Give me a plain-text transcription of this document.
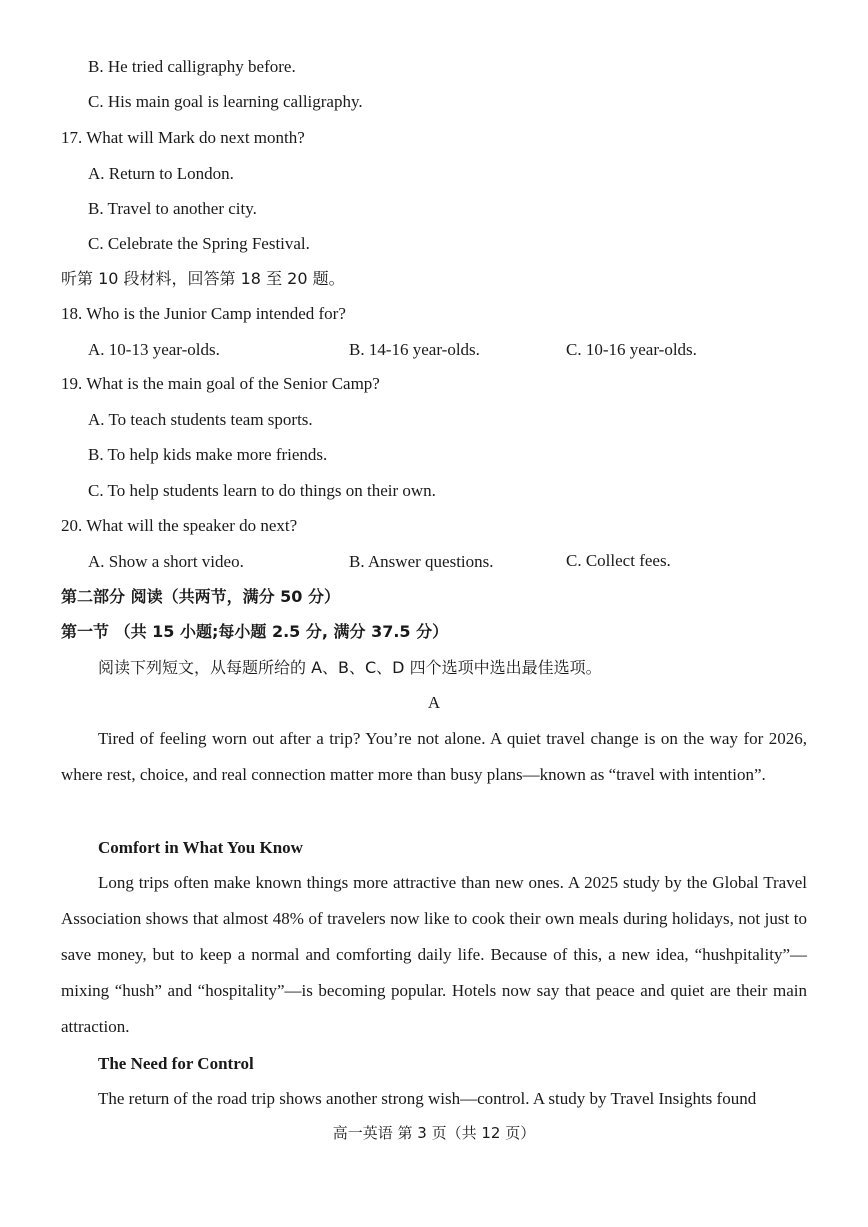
B. He tried calligraphy before.
C. His main goal is learning calligraphy.
17. What will Mark do next month?
A. Return to London.
B. Travel to another city.
C. Celebrate the Spring Festival.
听第 10 段材料，回答第 18 至 20 题。
18. Who is the Junior Camp intended for?
A. 10-13 year-olds.	B. 14-16 year-olds.	C. 10-16 year-olds.
19. What is the main goal of the Senior Camp?
A. To teach students team sports.
B. To help kids make more friends.
C. To help students learn to do things on their own.
20. What will the speaker do next?
A. Show a short video.	B. Answer questions.	C. Collect fees.
第二部分 阅读（共两节，满分 50 分）
第一节 （共 15 小题;每小题 2.5 分, 满分 37.5 分）
阅读下列短文，从每题所给的 A、B、C、D 四个选项中选出最佳选项。
A
Tired of feeling worn out after a trip? You’re not alone. A quiet travel change is on the way for 2026, where rest, choice, and real connection matter more than busy plans—known as “travel with intention”.
Comfort in What You Know
Long trips often make known things more attractive than new ones. A 2025 study by the Global Travel Association shows that almost 48% of travelers now like to cook their own meals during holidays, not just to save money, but to keep a normal and comforting daily life. Because of this, a new idea, “hushpitality”—mixing “hush” and “hospitality”—is becoming popular. Hotels now say that peace and quiet are their main attraction.
The Need for Control
The return of the road trip shows another strong wish—control. A study by Travel Insights found
高一英语 第 3 页（共 12 页）
